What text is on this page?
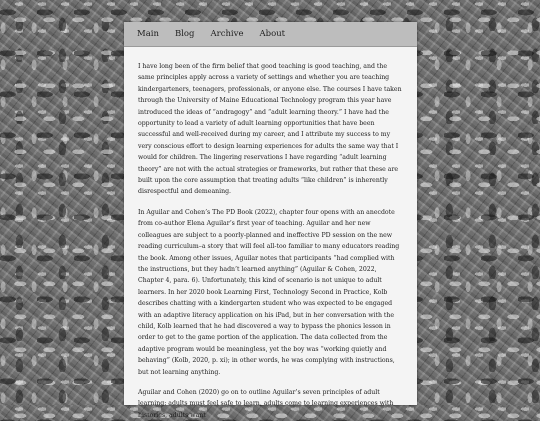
Main Blog Archive About

I have long been of the firm belief that good teaching is good teaching, and the same principles apply across a variety of settings and whether you are teaching kindergarteners, teenagers, professionals, or anyone else. The courses I have taken through the University of Maine Educational Technology program this year have introduced the ideas of “andragogy” and “adult learning theory.” I have had the opportunity to lead a variety of adult learning opportunities that have been successful and well-received during my career, and I attribute my success to my very conscious effort to design learning experiences for adults the same way that I would for children. The lingering reservations I have regarding “adult learning theory” are not with the actual strategies or frameworks, but rather that these are built upon the core assumption that treating adults “like children” is inherently disrespectful and demeaning.

In Aguilar and Cohen’s The PD Book (2022), chapter four opens with an anecdote from co-author Elena Aguilar’s first year of teaching. Aguilar and her new colleagues are subject to a poorly-planned and ineffective PD session on the new reading curriculum–a story that will feel all-too familiar to many educators reading the book. Among other issues, Aguilar notes that participants “had complied with the instructions, but they hadn’t learned anything” (Aguilar & Cohen, 2022, Chapter 4, para. 6). Unfortunately, this kind of scenario is not unique to adult learners. In her 2020 book Learning First, Technology Second in Practice, Kolb describes chatting with a kindergarten student who was expected to be engaged with an adaptive literacy application on his iPad, but in her conversation with the child, Kolb learned that he had discovered a way to bypass the phonics lesson in order to get to the game portion of the application. The data collected from the adaptive program would be meaningless, yet the boy was “working quietly and behaving” (Kolb, 2020, p. xi); in other words, he was complying with instructions, but not learning anything.

Aguilar and Cohen (2020) go on to outline Aguilar’s seven principles of adult learning: adults must feel safe to learn, adults come to learning experiences with histories, adults want
